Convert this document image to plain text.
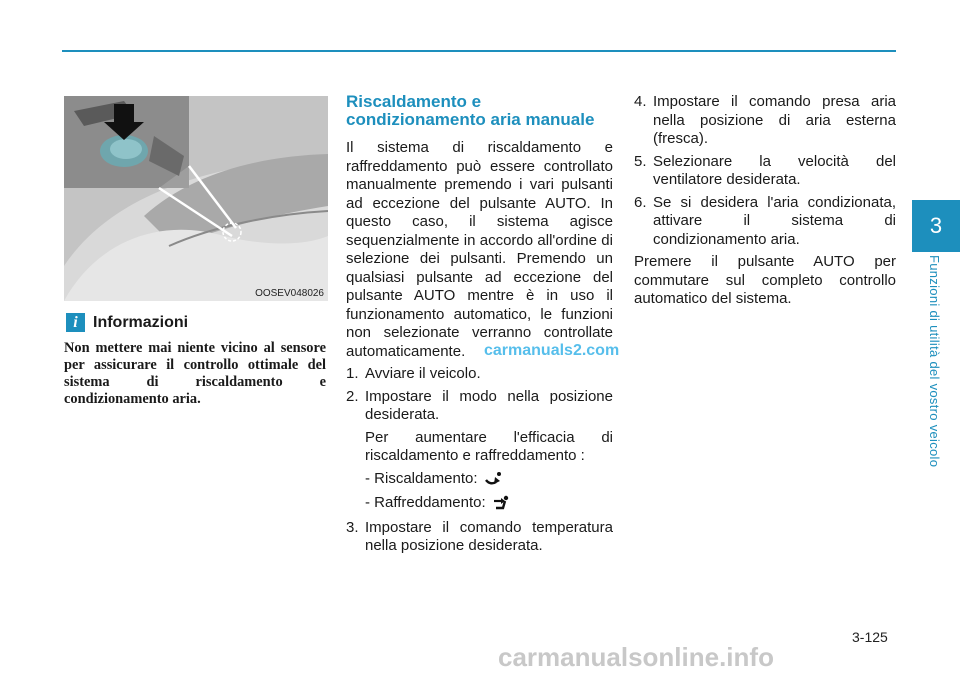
OOSEV048026
i Informazioni
Non mettere mai niente vicino al sensore per assicurare il controllo ottimale del sistema di riscaldamento e condizionamento aria.
Riscaldamento e
condizionamento aria manuale
Il sistema di riscaldamento e raffreddamento può essere controllato manualmente premendo i vari pulsanti ad eccezione del pulsante AUTO. In questo caso, il sistema agisce sequenzialmente in accordo all'ordine di selezione dei pulsanti. Premendo un qualsiasi pulsante ad eccezione del pulsante AUTO mentre è in uso il funzionamento automatico, le funzioni non selezionate verranno controllate automaticamente.
1. Avviare il veicolo.
2. Impostare il modo nella posizione desiderata.
Per aumentare l'efficacia di riscaldamento e raffreddamento :
- Riscaldamento:
- Raffreddamento:
3. Impostare il comando temperatura nella posizione desiderata.
4. Impostare il comando presa aria nella posizione di aria esterna (fresca).
5. Selezionare la velocità del ventilatore desiderata.
6. Se si desidera l'aria condizionata, attivare il sistema di condizionamento aria.
Premere il pulsante AUTO per commutare sul completo controllo automatico del sistema.
carmanuals2.com
3
Funzioni di utilità del vostro veicolo
3-125
carmanualsonline.info
